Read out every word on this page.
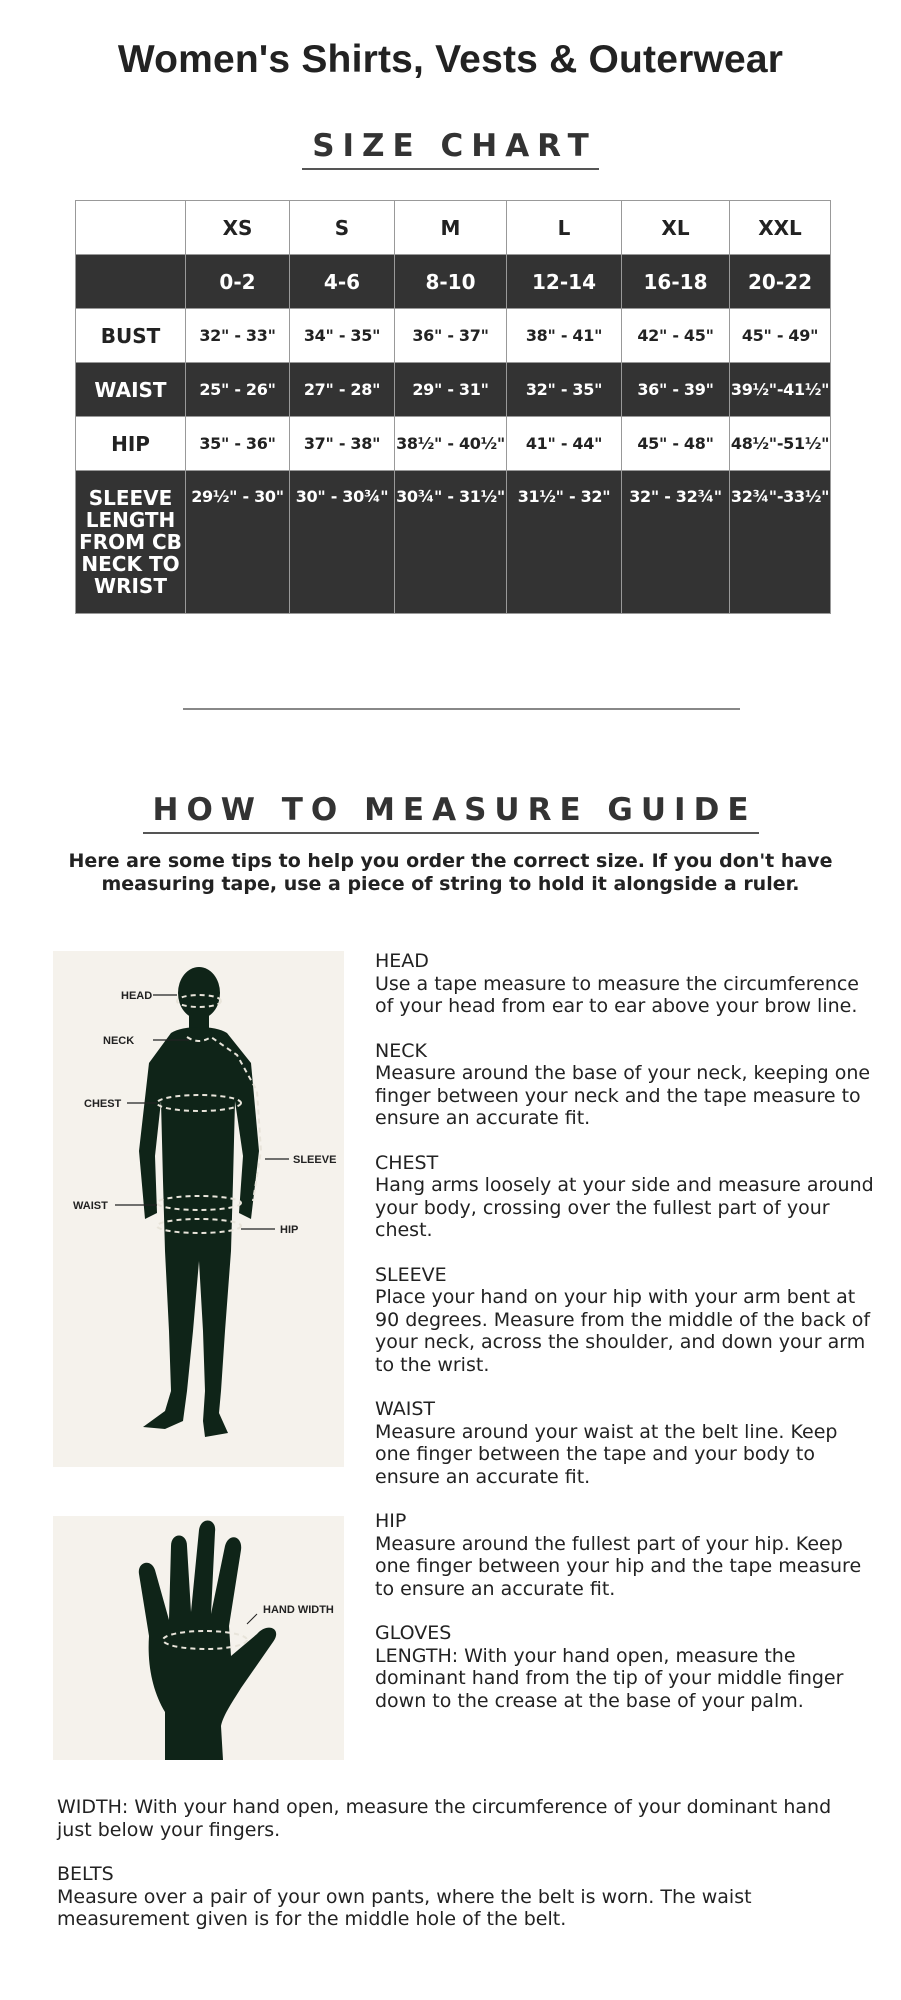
Women's Shirts, Vests & Outerwear
SIZE CHART
	XS	S	M	L	XL	XXL
	0-2	4-6	8-10	12-14	16-18	20-22
BUST	32" - 33"	34" - 35"	36" - 37"	38" - 41"	42" - 45"	45" - 49"
WAIST	25" - 26"	27" - 28"	29" - 31"	32" - 35"	36" - 39"	39½"-41½"
HIP	35" - 36"	37" - 38"	38½" - 40½"	41" - 44"	45" - 48"	48½"-51½"
SLEEVE LENGTH FROM CB NECK TO WRIST	29½" - 30"	30" - 30¾"	30¾" - 31½"	31½" - 32"	32" - 32¾"	32¾"-33½"
HOW TO MEASURE GUIDE
Here are some tips to help you order the correct size. If you don't have measuring tape, use a piece of string to hold it alongside a ruler.
HEAD
NECK
CHEST
SLEEVE
WAIST
HIP
HAND WIDTH
HEAD
Use a tape measure to measure the circumference of your head from ear to ear above your brow line.
NECK
Measure around the base of your neck, keeping one finger between your neck and the tape measure to ensure an accurate fit.
CHEST
Hang arms loosely at your side and measure around your body, crossing over the fullest part of your chest.
SLEEVE
Place your hand on your hip with your arm bent at 90 degrees. Measure from the middle of the back of your neck, across the shoulder, and down your arm to the wrist.
WAIST
Measure around your waist at the belt line. Keep one finger between the tape and your body to ensure an accurate fit.
HIP
Measure around the fullest part of your hip. Keep one finger between your hip and the tape measure to ensure an accurate fit.
GLOVES
LENGTH: With your hand open, measure the dominant hand from the tip of your middle finger down to the crease at the base of your palm.

WIDTH: With your hand open, measure the circumference of your dominant hand just below your fingers.

BELTS
Measure over a pair of your own pants, where the belt is worn. The waist measurement given is for the middle hole of the belt.
